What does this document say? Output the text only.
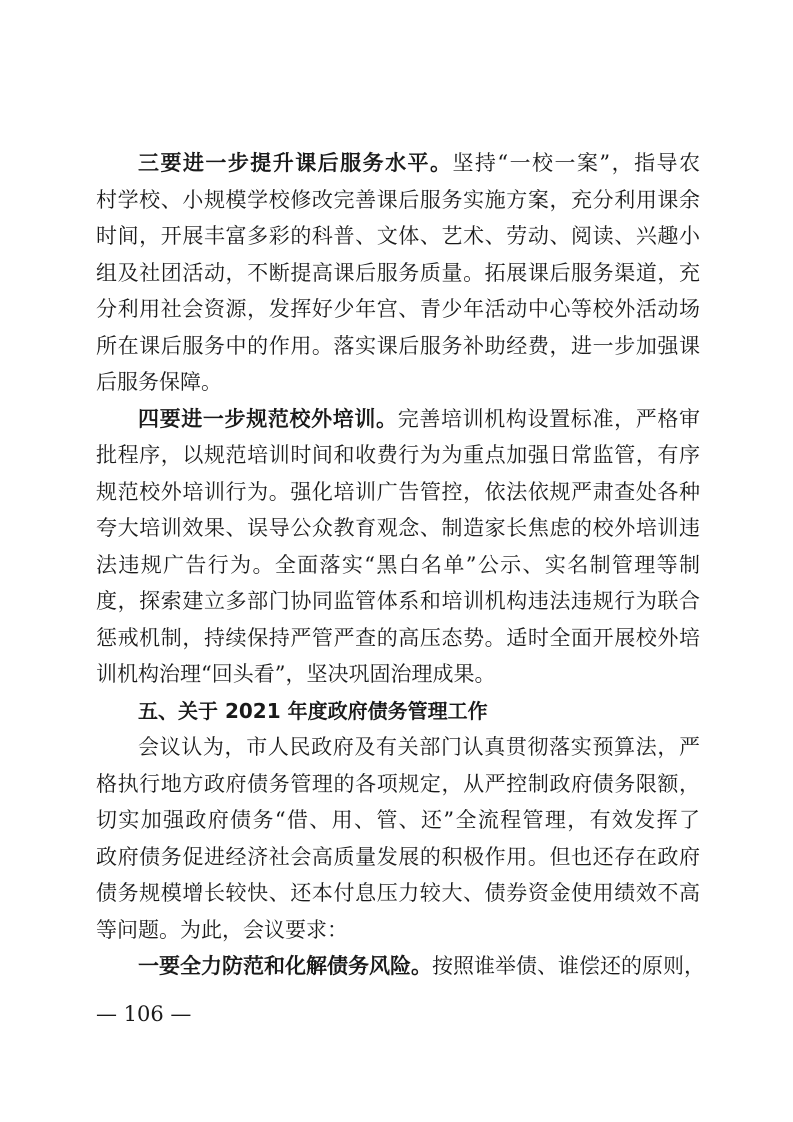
三要进一步提升课后服务水平。坚持“一校一案”，指导农
村学校、小规模学校修改完善课后服务实施方案，充分利用课余
时间，开展丰富多彩的科普、文体、艺术、劳动、阅读、兴趣小
组及社团活动，不断提高课后服务质量。拓展课后服务渠道，充
分利用社会资源，发挥好少年宫、青少年活动中心等校外活动场
所在课后服务中的作用。落实课后服务补助经费，进一步加强课
后服务保障。
四要进一步规范校外培训。完善培训机构设置标准，严格审
批程序，以规范培训时间和收费行为为重点加强日常监管，有序
规范校外培训行为。强化培训广告管控，依法依规严肃查处各种
夸大培训效果、误导公众教育观念、制造家长焦虑的校外培训违
法违规广告行为。全面落实“黑白名单”公示、实名制管理等制
度，探索建立多部门协同监管体系和培训机构违法违规行为联合
惩戒机制，持续保持严管严查的高压态势。适时全面开展校外培
训机构治理“回头看”，坚决巩固治理成果。
五、关于 2021 年度政府债务管理工作
会议认为，市人民政府及有关部门认真贯彻落实预算法，严
格执行地方政府债务管理的各项规定，从严控制政府债务限额，
切实加强政府债务“借、用、管、还”全流程管理，有效发挥了
政府债务促进经济社会高质量发展的积极作用。但也还存在政府
债务规模增长较快、还本付息压力较大、债券资金使用绩效不高
等问题。为此，会议要求：
一要全力防范和化解债务风险。按照谁举债、谁偿还的原则，
— 106 —
